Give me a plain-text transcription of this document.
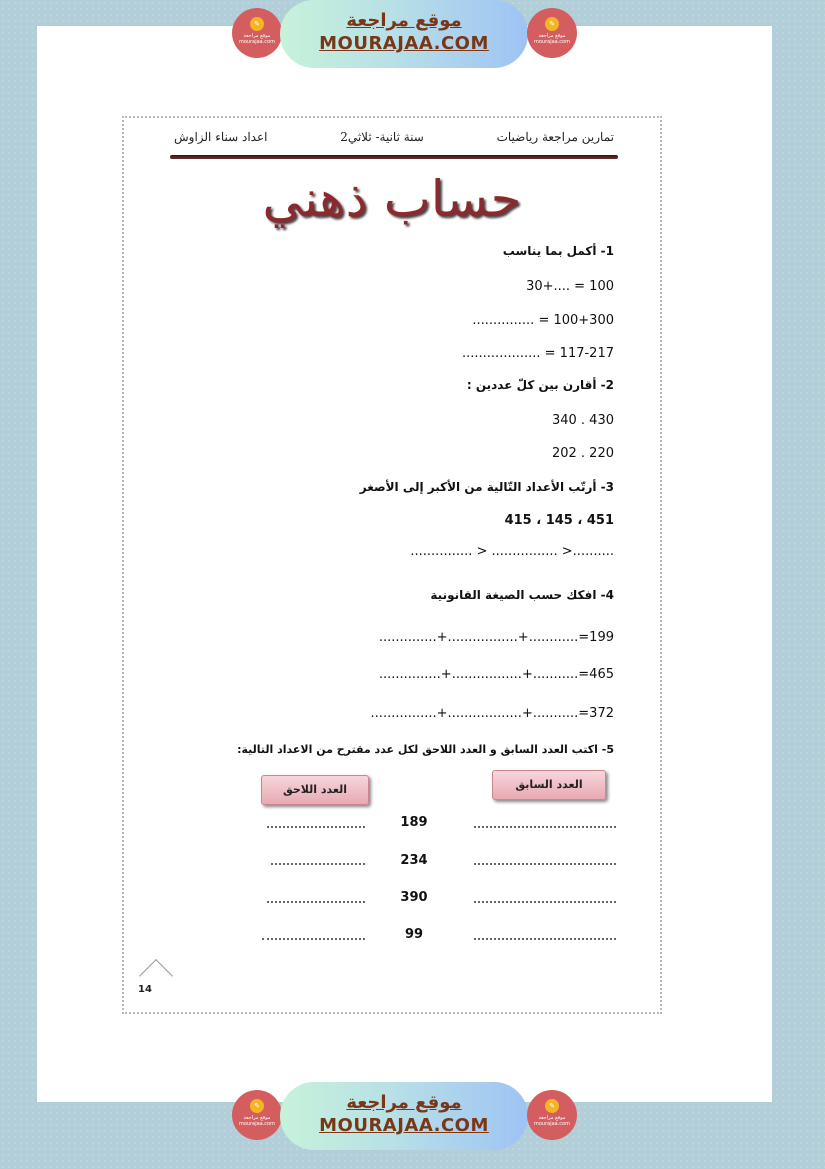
✎
موقع مراجعة
mourajaa.com
موقع مراجعة
MOURAJAA.COM
✎
موقع مراجعة
mourajaa.com
تمارين مراجعة رياضيات
سنة ثانية- ثلاثي2
اعداد سناء الزاوش
حساب ذهني
1- أكمل بما يناسب
30+.... = 100
............... = 100+300
................... = 117-217
2- أقارن بين كلّ عددين :
340 . 430
202 . 220
3- أرتّب الأعداد التّالية من الأكبر إلى الأصغر
451 ، 145 ، 415
............... > ................ >..........
4- افكك حسب الصيغة القانونية
..............+.................+............=199
...............+.................+...........=465
................+..................+...........=372
5- اكتب العدد السابق و العدد اللاحق لكل عدد مقترح من الاعداد التالية:
العدد السابق
العدد اللاحق
189
234
390
99
14
✎
موقع مراجعة
mourajaa.com
موقع مراجعة
MOURAJAA.COM
✎
موقع مراجعة
mourajaa.com
